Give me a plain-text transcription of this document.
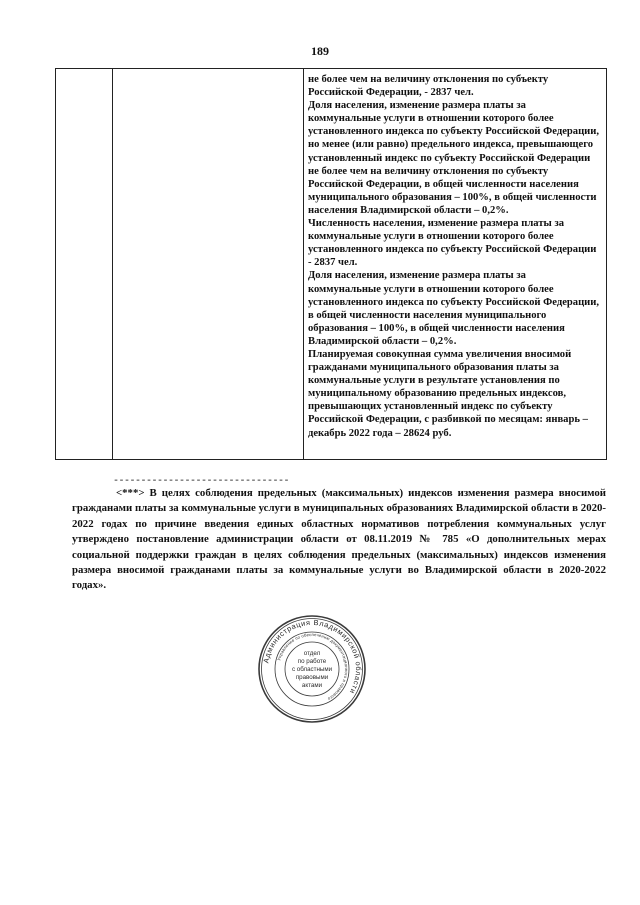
189

не более чем на величину отклонения по субъекту Российской Федерации, - 2837 чел.

Доля населения, изменение размера платы за коммунальные услуги в отношении которого более установленного индекса по субъекту Российской Федерации, но менее (или равно) предельного индекса, превышающего установленный индекс по субъекту Российской Федерации не более чем на величину отклонения по субъекту Российской Федерации, в общей численности населения муниципального образования – 100%, в общей численности населения Владимирской области – 0,2%.

Численность населения, изменение размера платы за коммунальные услуги в отношении которого более установленного индекса по субъекту Российской Федерации - 2837 чел.

Доля населения, изменение размера платы за коммунальные услуги в отношении которого более установленного индекса по субъекту Российской Федерации, в общей численности населения муниципального образования – 100%, в общей численности населения Владимирской области – 0,2%.

Планируемая совокупная сумма увеличения вносимой гражданами муниципального образования платы за коммунальные услуги в результате установления по муниципальному образованию предельных индексов, превышающих установленный индекс по субъекту Российской Федерации, с разбивкой по месяцам: январь – декабрь 2022 года – 28624 руб.

--------------------------------

<***> В целях соблюдения предельных (максимальных) индексов изменения размера вносимой гражданами платы за коммунальные услуги в муниципальных образованиях Владимирской области в 2020-2022 годах по причине введения единых областных нормативов потребления коммунальных услуг утверждено постановление администрации области от 08.11.2019 № 785 «О дополнительных мерах социальной поддержки граждан в целях соблюдения предельных (максимальных) индексов изменения размера вносимой гражданами платы за коммунальные услуги во Владимирской области в 2020-2022 годах».

Администрация Владимирской области
Управление по обеспечению документационного и правового
отдел
по работе
с областными
правовыми
актами
